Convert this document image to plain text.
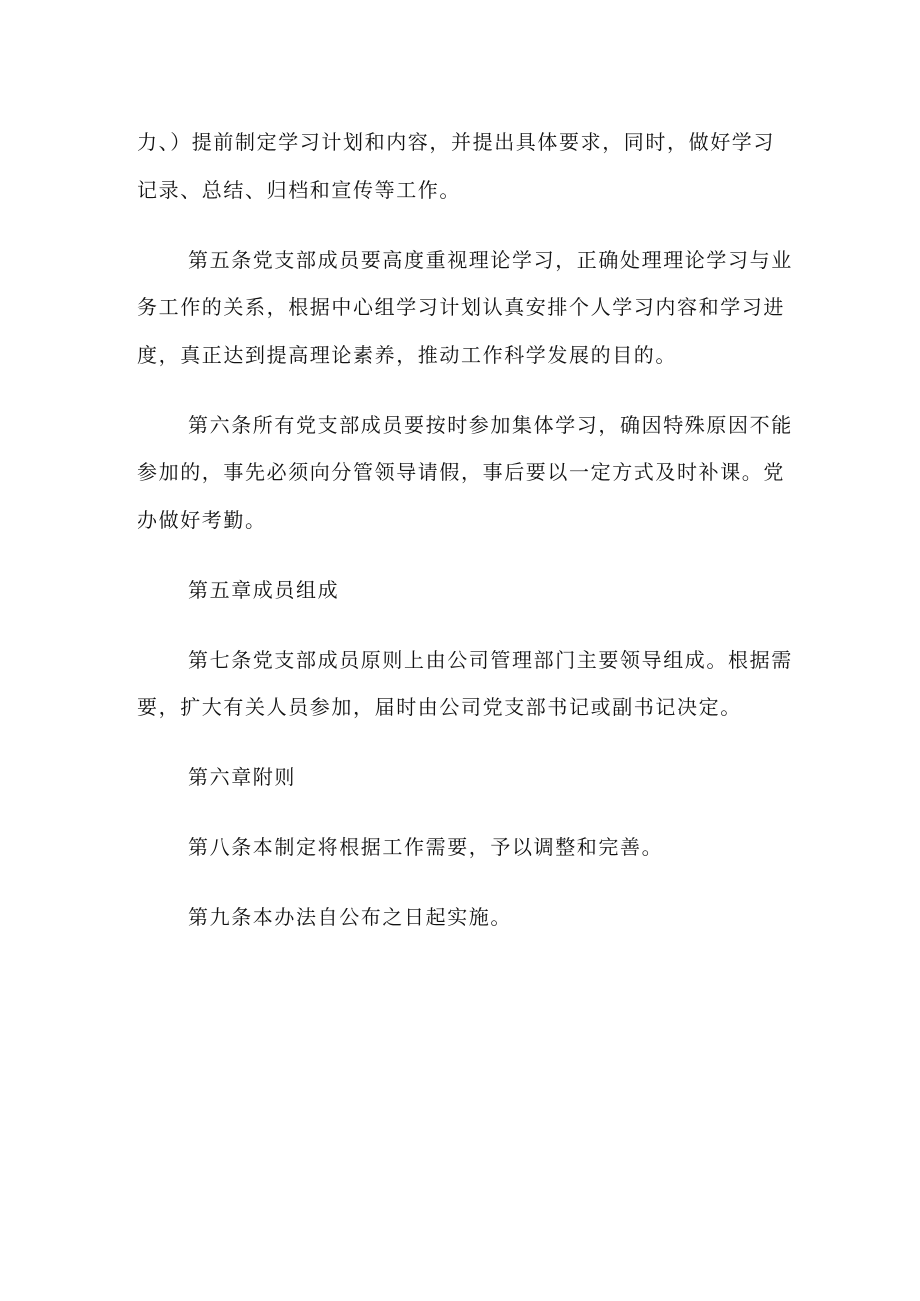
力、）提前制定学习计划和内容，并提出具体要求，同时，做好学习
记录、总结、归档和宣传等工作。
第五条党支部成员要高度重视理论学习，正确处理理论学习与业
务工作的关系，根据中心组学习计划认真安排个人学习内容和学习进
度，真正达到提高理论素养，推动工作科学发展的目的。
第六条所有党支部成员要按时参加集体学习，确因特殊原因不能
参加的，事先必须向分管领导请假，事后要以一定方式及时补课。党
办做好考勤。
第五章成员组成
第七条党支部成员原则上由公司管理部门主要领导组成。根据需
要，扩大有关人员参加，届时由公司党支部书记或副书记决定。
第六章附则
第八条本制定将根据工作需要，予以调整和完善。
第九条本办法自公布之日起实施。
